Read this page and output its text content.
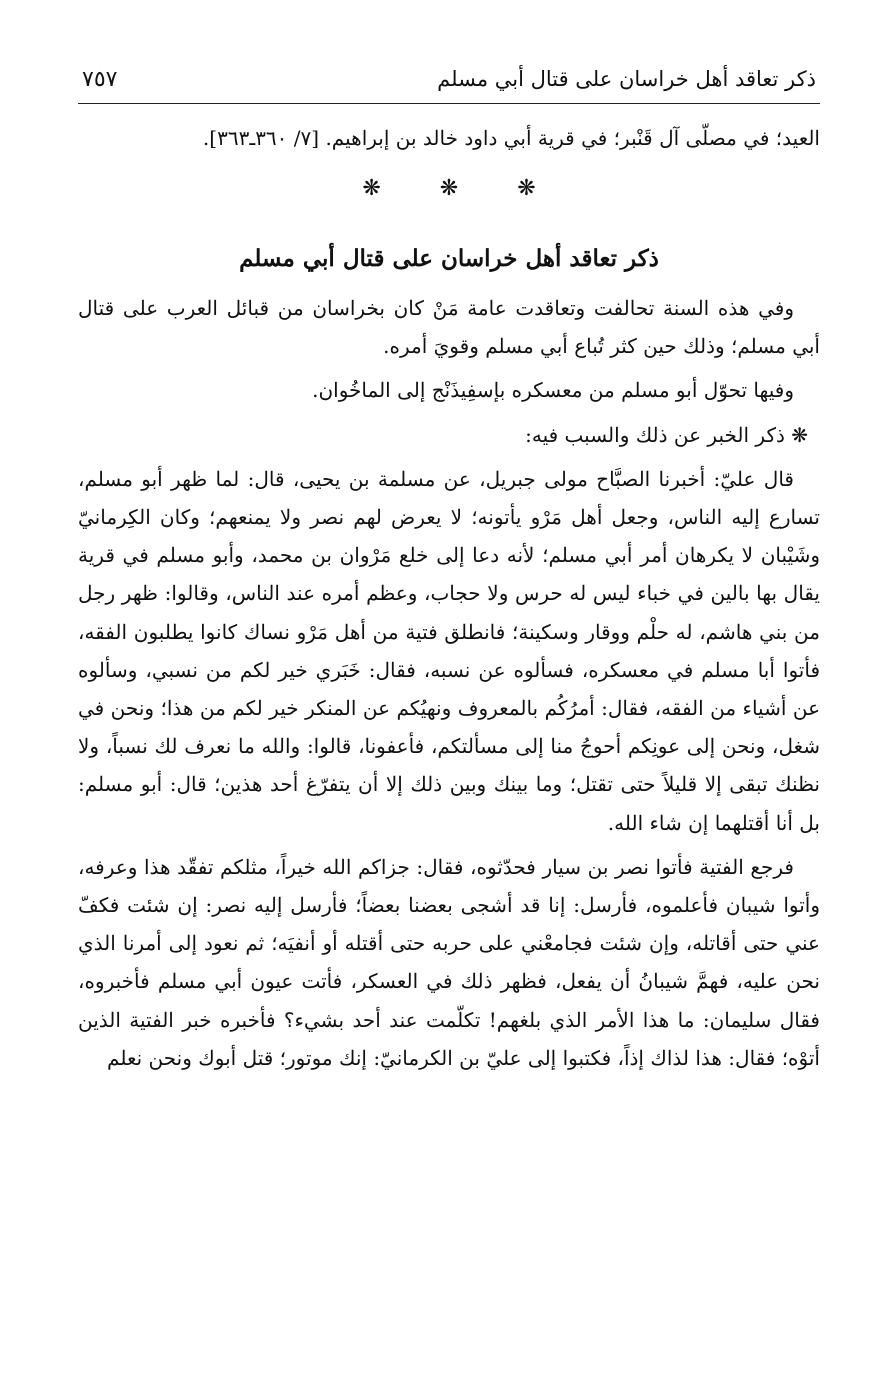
ذكر تعاقد أهل خراسان على قتال أبي مسلم
٧٥٧
العيد؛ في مصلّى آل قَنْبر؛ في قرية أبي داود خالد بن إبراهيم. [٧/ ٣٦٠ـ٣٦٣].
❋ ❋ ❋
ذكر تعاقد أهل خراسان على قتال أبي مسلم

وفي هذه السنة تحالفت وتعاقدت عامة مَنْ كان بخراسان من قبائل العرب على قتال أبي مسلم؛ وذلك حين كثر تُباع أبي مسلم وقويَ أمره.

وفيها تحوّل أبو مسلم من معسكره بإسفِيذَنْج إلى الماخُوان.

❋ ذكر الخبر عن ذلك والسبب فيه:

قال عليّ: أخبرنا الصبَّاح مولى جبريل، عن مسلمة بن يحيى، قال: لما ظهر أبو مسلم، تسارع إليه الناس، وجعل أهل مَرْو يأتونه؛ لا يعرض لهم نصر ولا يمنعهم؛ وكان الكِرمانيّ وشَيْبان لا يكرهان أمر أبي مسلم؛ لأنه دعا إلى خلع مَرْوان بن محمد، وأبو مسلم في قرية يقال بها بالين في خباء ليس له حرس ولا حجاب، وعظم أمره عند الناس، وقالوا: ظهر رجل من بني هاشم، له حلْم ووقار وسكينة؛ فانطلق فتية من أهل مَرْو نساك كانوا يطلبون الفقه، فأتوا أبا مسلم في معسكره، فسألوه عن نسبه، فقال: خَبَري خير لكم من نسبي، وسألوه عن أشياء من الفقه، فقال: أمرُكُم بالمعروف ونهيُكم عن المنكر خير لكم من هذا؛ ونحن في شغل، ونحن إلى عونِكم أحوجُ منا إلى مسألتكم، فأعفونا، قالوا: والله ما نعرف لك نسباً، ولا نظنك تبقى إلا قليلاً حتى تقتل؛ وما بينك وبين ذلك إلا أن يتفرّغ أحد هذين؛ قال: أبو مسلم: بل أنا أقتلهما إن شاء الله.

فرجع الفتية فأتوا نصر بن سيار فحدّثوه، فقال: جزاكم الله خيراً، مثلكم تفقّد هذا وعرفه، وأتوا شيبان فأعلموه، فأرسل: إنا قد أشجى بعضنا بعضاً؛ فأرسل إليه نصر: إن شئت فكفّ عني حتى أقاتله، وإن شئت فجامعْني على حربه حتى أقتله أو أنفيَه؛ ثم نعود إلى أمرنا الذي نحن عليه، فهمَّ شيبانُ أن يفعل، فظهر ذلك في العسكر، فأتت عيون أبي مسلم فأخبروه، فقال سليمان: ما هذا الأمر الذي بلغهم! تكلّمت عند أحد بشيء؟ فأخبره خبر الفتية الذين أتوْه؛ فقال: هذا لذاك إذاً، فكتبوا إلى عليّ بن الكرمانيّ: إنك موتور؛ قتل أبوك ونحن نعلم
